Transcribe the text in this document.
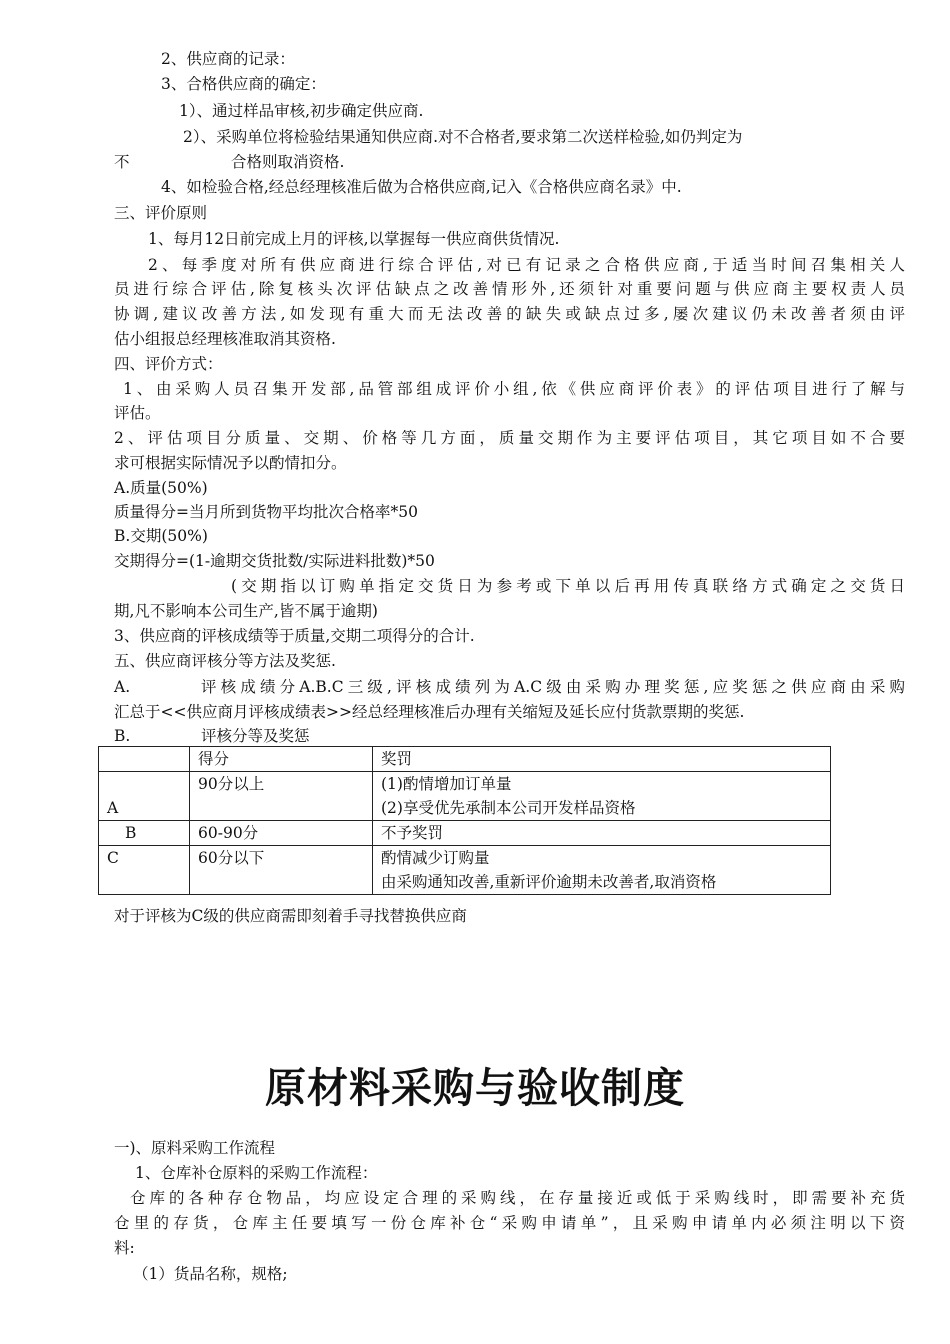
2、供应商的记录：
3、合格供应商的确定：
1）、通过样品审核,初步确定供应商.
2）、采购单位将检验结果通知供应商.对不合格者,要求第二次送样检验,如仍判定为
不	合格则取消资格.
4、如检验合格,经总经理核准后做为合格供应商,记入《合格供应商名录》中.
三、评价原则
1、每月12日前完成上月的评核,以掌握每一供应商供货情况.
2、每季度对所有供应商进行综合评估,对已有记录之合格供应商,于适当时间召集相关人
员进行综合评估,除复核头次评估缺点之改善情形外,还须针对重要问题与供应商主要权责人员
协调,建议改善方法,如发现有重大而无法改善的缺失或缺点过多,屡次建议仍未改善者须由评
估小组报总经理核准取消其资格.
四、评价方式：
1、由采购人员召集开发部,品管部组成评价小组,依《供应商评价表》的评估项目进行了解与
评估。
2、评估项目分质量、交期、价格等几方面，质量交期作为主要评估项目，其它项目如不合要
求可根据实际情况予以酌情扣分。
A.质量(50%)
质量得分=当月所到货物平均批次合格率*50
B.交期(50%)
交期得分=(1-逾期交货批数/实际进料批数)*50
(交期指以订购单指定交货日为参考或下单以后再用传真联络方式确定之交货日
期,凡不影响本公司生产,皆不属于逾期)
3、供应商的评核成绩等于质量,交期二项得分的合计.
五、供应商评核分等方法及奖惩.
A.	评核成绩分A.B.C三级,评核成绩列为A.C级由采购办理奖惩,应奖惩之供应商由采购
汇总于<<供应商月评核成绩表>>经总经理核准后办理有关缩短及延长应付货款票期的奖惩.
B.	评核分等及奖惩
	得分	奖罚
A	90分以上	(1)酌情增加订单量
(2)享受优先承制本公司开发样品资格

B	60-90分	不予奖罚
C	60分以下	酌情减少订购量
由采购通知改善,重新评价逾期未改善者,取消资格
对于评核为C级的供应商需即刻着手寻找替换供应商
原材料采购与验收制度
一)、原料采购工作流程
1、仓库补仓原料的采购工作流程：
仓库的各种存仓物品，均应设定合理的采购线，在存量接近或低于采购线时，即需要补充货
仓里的存货，仓库主任要填写一份仓库补仓“采购申请单”，且采购申请单内必须注明以下资
料:
（1）货品名称，规格;
